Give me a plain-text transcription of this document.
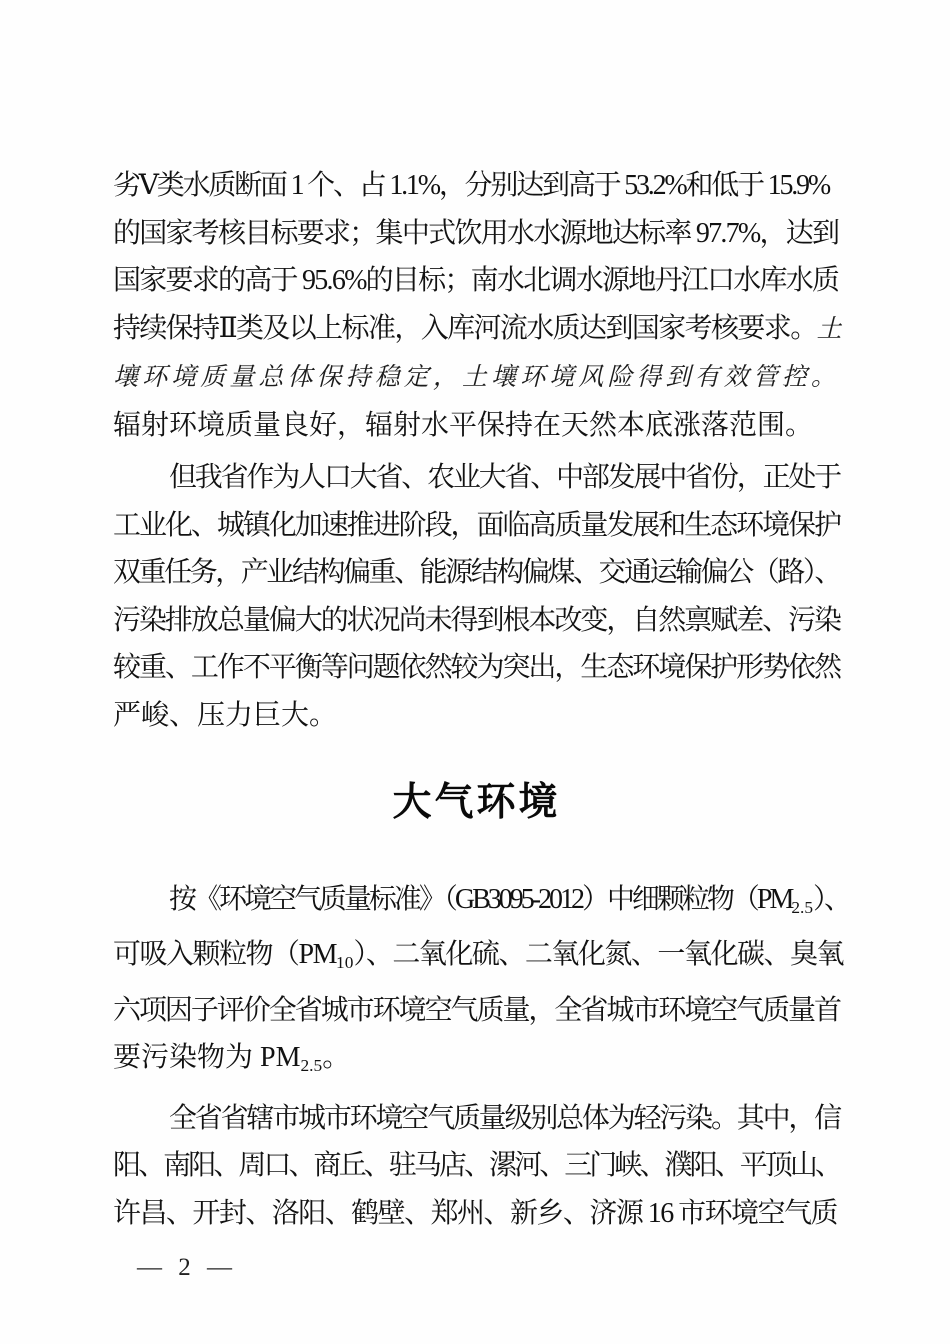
劣Ⅴ类水质断面 1 个、占 1.1%，分别达到高于 53.2%和低于 15.9%
的国家考核目标要求；集中式饮用水水源地达标率 97.7%，达到
国家要求的高于 95.6%的目标；南水北调水源地丹江口水库水质
持续保持Ⅱ类及以上标准，入库河流水质达到国家考核要求。土
壤环境质量总体保持稳定，土壤环境风险得到有效管控。
辐射环境质量良好，辐射水平保持在天然本底涨落范围。
但我省作为人口大省、农业大省、中部发展中省份，正处于
工业化、城镇化加速推进阶段，面临高质量发展和生态环境保护
双重任务，产业结构偏重、能源结构偏煤、交通运输偏公（路）、
污染排放总量偏大的状况尚未得到根本改变，自然禀赋差、污染
较重、工作不平衡等问题依然较为突出，生态环境保护形势依然
严峻、压力巨大。
大气环境
按《环境空气质量标准》（GB3095-2012）中细颗粒物$(PM_{2.5})$、
可吸入颗粒物$(PM_{10})$、二氧化硫、二氧化氮、一氧化碳、臭氧
六项因子评价全省城市环境空气质量，全省城市环境空气质量首
要污染物为 $PM_{2.5}$。
全省省辖市城市环境空气质量级别总体为轻污染。其中，信
阳、南阳、周口、商丘、驻马店、漯河、三门峡、濮阳、平顶山、
许昌、开封、洛阳、鹤壁、郑州、新乡、济源 16 市环境空气质
— 2 —
